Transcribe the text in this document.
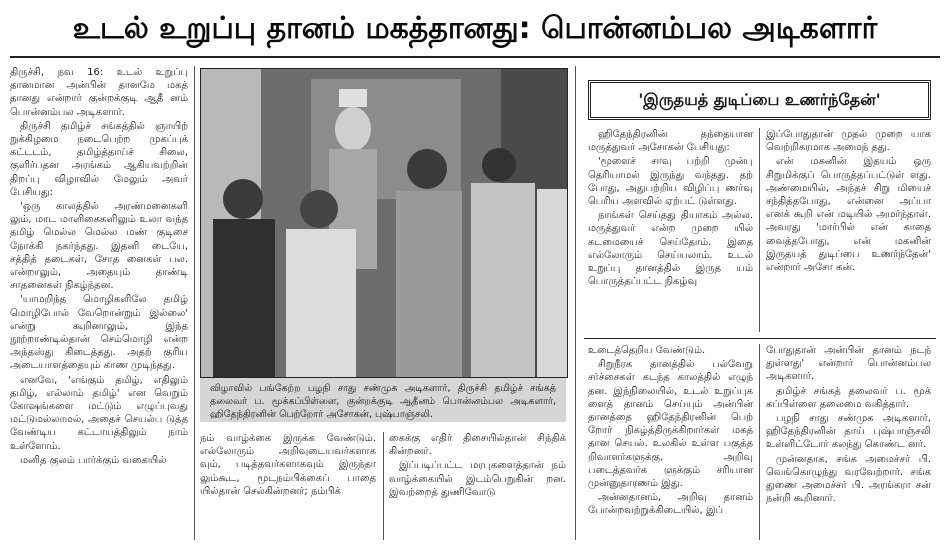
உடல் உறுப்பு தானம் மகத்தானது: பொன்னம்பல அடிகளார்

திருச்சி, நவ 16: உடல் உறுப்பு தானமான அன்பின் தானமே மகத் தானது என்றார் குன்றக்குடி ஆதீ னம் பொன்னம்பல அடிகளார்.

திருச்சி தமிழ்ச் சங்கத்தில் ஞாயிற் றுக்கிழமை நடைபெற்ற முகப்புக் கட்டடம், தமிழ்த்தாய்ச் சிலை, குளிர்பதன அரங்கம் ஆகியவற்றின் திறப்பு விழாவில் மேலும் அவர் பேசியது:

'ஒரு காலத்தில் அரண்மனைகளி லும், மாட மாளிகைகளிலும் உலா வந்த தமிழ் மெல்ல மெல்ல மண் குடிசை நோக்கி நகர்ந்தது. இதனி டையே, சத்தித் தடைகள், சோத னைகள் பல. என்றாலும், அதையும் தாண்டி சாதனைகள் நிகழ்ந்தன.

'யாமறிந்த மொழிகளிலே தமிழ் மொழிபோல் வேறொன்றும் இல்லை' என்று கூறினாலும், இந்த நூற்றாண்டில்தான் செம்மொழி என்ற அந்தஸ்து கிடைத்தது. அதற் குரிய அடையாளத்தையும் காண முடிந்தது.

எனவே, 'எங்கும் தமிழ், எதிலும் தமிழ், எல்லாம் தமிழ்' என வெறும் கோஷங்களை மட்டும் எழுப்புவது மட்டுமல்லாமல், அதைச் செயல்ப டுத்த வேண்டிய கட்டாயத்திலும் நாம் உள்ளோம்.

மனித குலம் பார்க்கும் வகையில்

விழாவில் பங்கேற்ற பழநி சாது சண்முக அடிகளார், திருச்சி தமிழ்ச் சங்கத் தலைவர் ப. மூக்கப்பிள்ளை, குன்றக்குடி ஆதீனம் பொன்னம்பல அடிகளார், ஹிதேந்திரனின் பெற்றோர் அசோகன், புஷ்பாஞ்சலி.

நம் வாழ்க்கை இருக்க வேண்டும். எல்லோரும் அறிவுடையவர்களாக வும், படித்தவர்களாகவும் இருந்தா லும்கூட, மூடநம்பிக்கைப் பாதை யில்தான் செல்கின்றனர்; நம்பிக்

கைக்கு எதிர் திசையில்தான் சிந்திக் கின்றனர்.

இப்படிப்பட்ட மரபுகளைத்தான் நம் வாழ்க்கையில் இடம்பெறுகின் றன. இவற்றைத் துணிவோடு

'இருதயத் துடிப்பை உணர்ந்தேன்'

ஹிதேந்திரனின் தந்தையான மருத்துவர் அசோகன் பேசியது:

'மூளைச் சாவு பற்றி முன்பு தெரியாமல் இருந்து வந்தது. தற் போது, அதுபற்றிய விழிப்பு ணர்வு பெரிய அளவில் ஏற்பட் டுள்ளது.

நாங்கள் செய்தது தியாகம் அல்ல. மருத்துவர் என்ற முறை யில் கடமையைச் செய்தோம். இதை எல்லோரும் செய்யலாம். உடல் உறுப்பு தானத்தில் இருத யம் பொருத்தப்பட்ட நிகழ்வு

இப்போதுதான் முதல் முறை யாக வெற்றிகரமாக அமைந் தது.

என் மகனின் இதயம் ஒரு சிறுமிக்குப் பொருத்தப்பட்டுள் ளது. அண்மையில், அந்தச் சிறு மியைச் சந்தித்தபோது, என்னை அப்பா எனக் கூறி என் மடியில் அமர்ந்தாள். அவரது 'மார்பில் என் காதை வைத்தபோது, என் மகனின் இருதயத் துடிப்பை உணர்ந்தேன்' என்றார் அசோ கன்.

உடைத்தெறிய வேண்டும்.

சிறுநீரக தானத்தில் பல்வேறு சர்ச்சைகள் கடந்த காலத்தில் எழுந் தன. இந்நிலையில், உடல் உறுப்புக ளைத் தானம் செய்யும் அன்பின் தானத்தை ஹிதேந்திரனின் பெற் றோர் நிகழ்த்திருக்கிறார்கள் மகத் தான செயல். உலகில் உள்ள பகுத்த றிவாளர்களுக்கு, அறிவு படைத்தவர்க ளுக்கும் சரியான முன்னுதாரணம் இது.

அன்னதானம், அறிவு தானம் போன்றவற்றுக்கிடையில், இப்

போதுதான் அன்பின் தானம் நடந் துள்ளது' என்றார் பொன்னம்பல அடிகளார்.

தமிழ்ச் சங்கத் தலைவர் ப. மூக் கப்பிள்ளை தலைமை வகித்தார்.

பழநி சாது சண்முக அடிகளார், ஹிதேந்திரனின் தாய் புஷ்பாஞ்சலி உள்ளிட்டோர் கலந்து கொண்ட னர்.

முன்னதாக, சங்க அமைச்சர் பி. வெங்கொழுந்து வரவேற்றார். சங்க துணை அமைச்சர் பி. அரங்கரா சன் நன்றி கூறினார்.
